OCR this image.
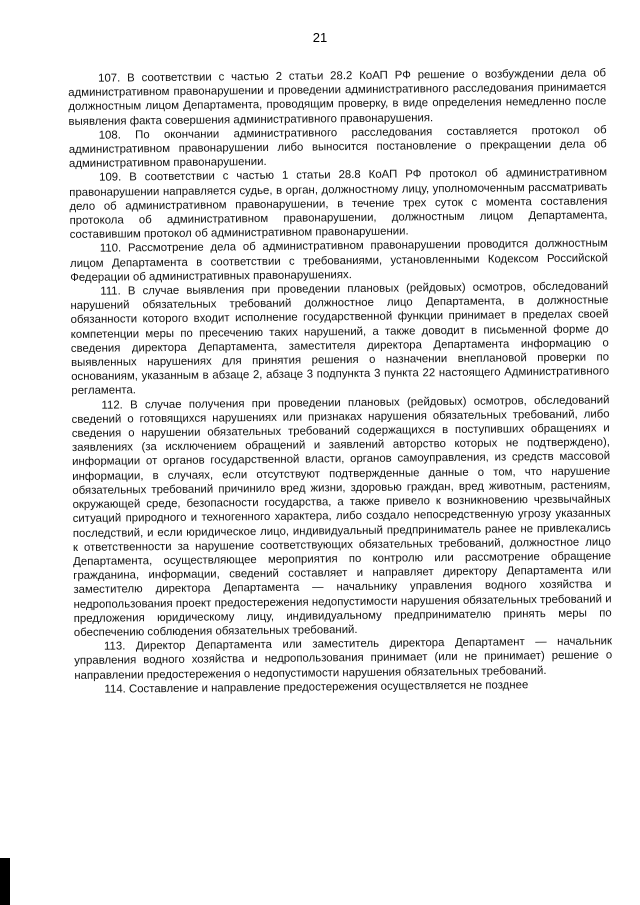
21

107. В соответствии с частью 2 статьи 28.2 КоАП РФ решение о возбуждении дела об административном правонарушении и проведении административного расследования принимается должностным лицом Департамента, проводящим проверку, в виде определения немедленно после выявления факта совершения административного правонарушения.

108. По окончании административного расследования составляется протокол об административном правонарушении либо выносится постановление о прекращении дела об административном правонарушении.

109. В соответствии с частью 1 статьи 28.8 КоАП РФ протокол об административном правонарушении направляется судье, в орган, должностному лицу, уполномоченным рассматривать дело об административном правонарушении, в течение трех суток с момента составления протокола об административном правонарушении, должностным лицом Департамента, составившим протокол об административном правонарушении.

110. Рассмотрение дела об административном правонарушении проводится должностным лицом Департамента в соответствии с требованиями, установленными Кодексом Российской Федерации об административных правонарушениях.

111. В случае выявления при проведении плановых (рейдовых) осмотров, обследований нарушений обязательных требований должностное лицо Департамента, в должностные обязанности которого входит исполнение государственной функции принимает в пределах своей компетенции меры по пресечению таких нарушений, а также доводит в письменной форме до сведения директора Департамента, заместителя директора Департамента информацию о выявленных нарушениях для принятия решения о назначении внеплановой проверки по основаниям, указанным в абзаце 2, абзаце 3 подпункта 3 пункта 22 настоящего Административного регламента.

112. В случае получения при проведении плановых (рейдовых) осмотров, обследований сведений о готовящихся нарушениях или признаках нарушения обязательных требований, либо сведения о нарушении обязательных требований содержащихся в поступивших обращениях и заявлениях (за исключением обращений и заявлений авторство которых не подтверждено), информации от органов государственной власти, органов самоуправления, из средств массовой информации, в случаях, если отсутствуют подтвержденные данные о том, что нарушение обязательных требований причинило вред жизни, здоровью граждан, вред животным, растениям, окружающей среде, безопасности государства, а также привело к возникновению чрезвычайных ситуаций природного и техногенного характера, либо создало непосредственную угрозу указанных последствий, и если юридическое лицо, индивидуальный предприниматель ранее не привлекались к ответственности за нарушение соответствующих обязательных требований, должностное лицо Департамента, осуществляющее мероприятия по контролю или рассмотрение обращение гражданина, информации, сведений составляет и направляет директору Департамента или заместителю директора Департамента — начальнику управления водного хозяйства и недропользования проект предостережения недопустимости нарушения обязательных требований и предложения юридическому лицу, индивидуальному предпринимателю принять меры по обеспечению соблюдения обязательных требований.

113. Директор Департамента или заместитель директора Департамент — начальник управления водного хозяйства и недропользования принимает (или не принимает) решение о направлении предостережения о недопустимости нарушения обязательных требований.

114. Составление и направление предостережения осуществляется не позднее
